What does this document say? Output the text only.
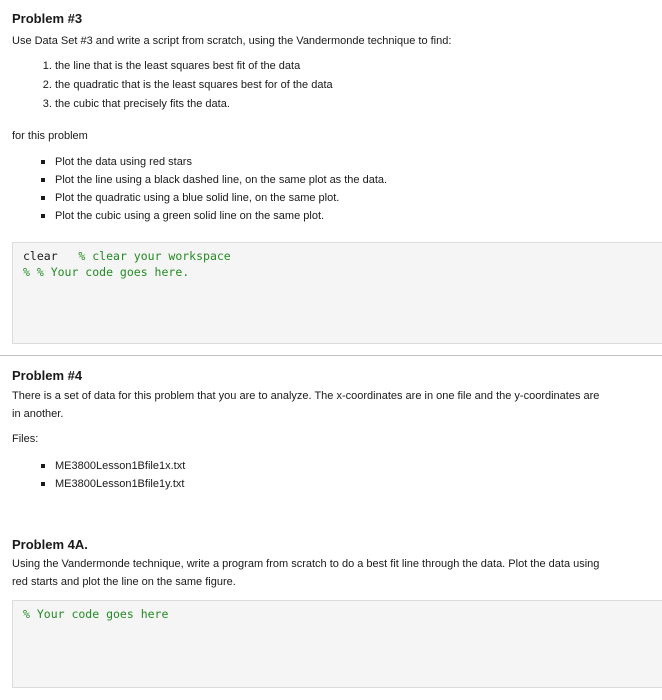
Problem #3

Use Data Set #3 and write a script from scratch, using the Vandermonde technique to find:

1. the line that is the least squares best fit of the data
2. the quadratic that is the least squares best for of the data
3. the cubic that precisely fits the data.

for this problem

Plot the data using red stars
Plot the line using a black dashed line, on the same plot as the data.
Plot the quadratic using a blue solid line, on the same plot.
Plot the cubic using a green solid line on the same plot.
clear % clear your workspace
% % Your code goes here.
Problem #4

There is a set of data for this problem that you are to analyze. The x-coordinates are in one file and the y-coordinates are

in another.

Files:

ME3800Lesson1Bfile1x.txt
ME3800Lesson1Bfile1y.txt
Problem 4A.

Using the Vandermonde technique, write a program from scratch to do a best fit line through the data. Plot the data using

red starts and plot the line on the same figure.

% Your code goes here
